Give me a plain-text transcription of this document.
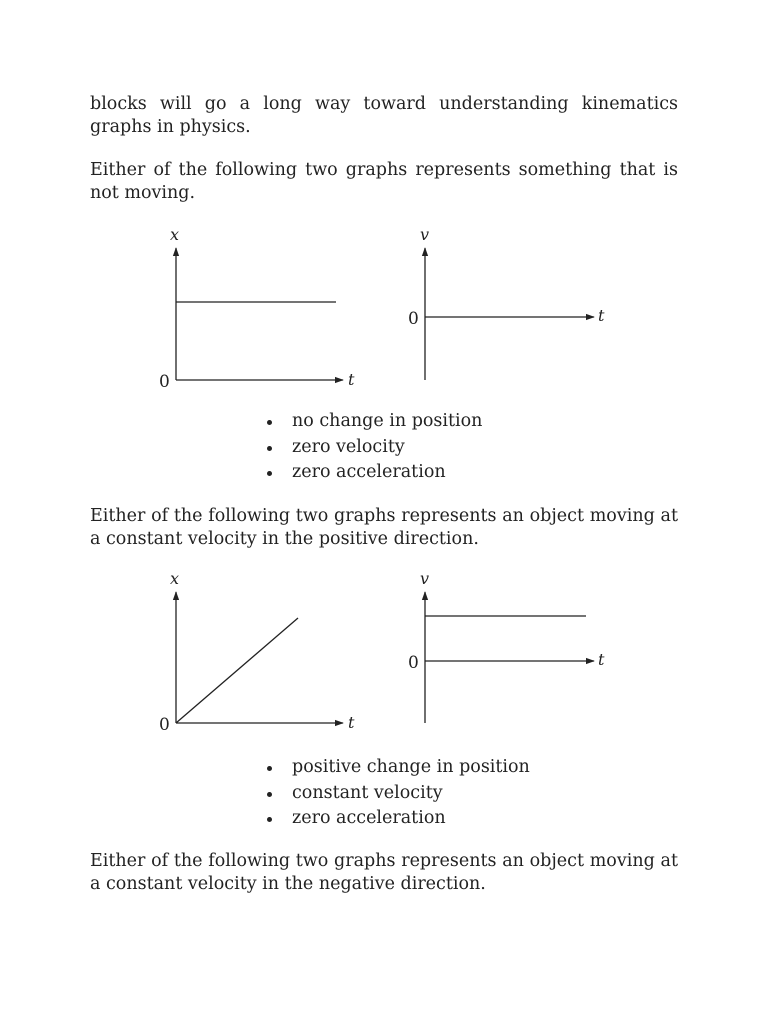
blocks will go a long way toward understanding kinematics graphs in physics.

Either of the following two graphs represents something that is not moving.

x
t
0
v
t
0
no change in position
zero velocity
zero acceleration

Either of the following two graphs represents an object moving at a constant velocity in the positive direction.

x
t
0
v
t
0
positive change in position
constant velocity
zero acceleration

Either of the following two graphs represents an object moving at a constant velocity in the negative direction.
